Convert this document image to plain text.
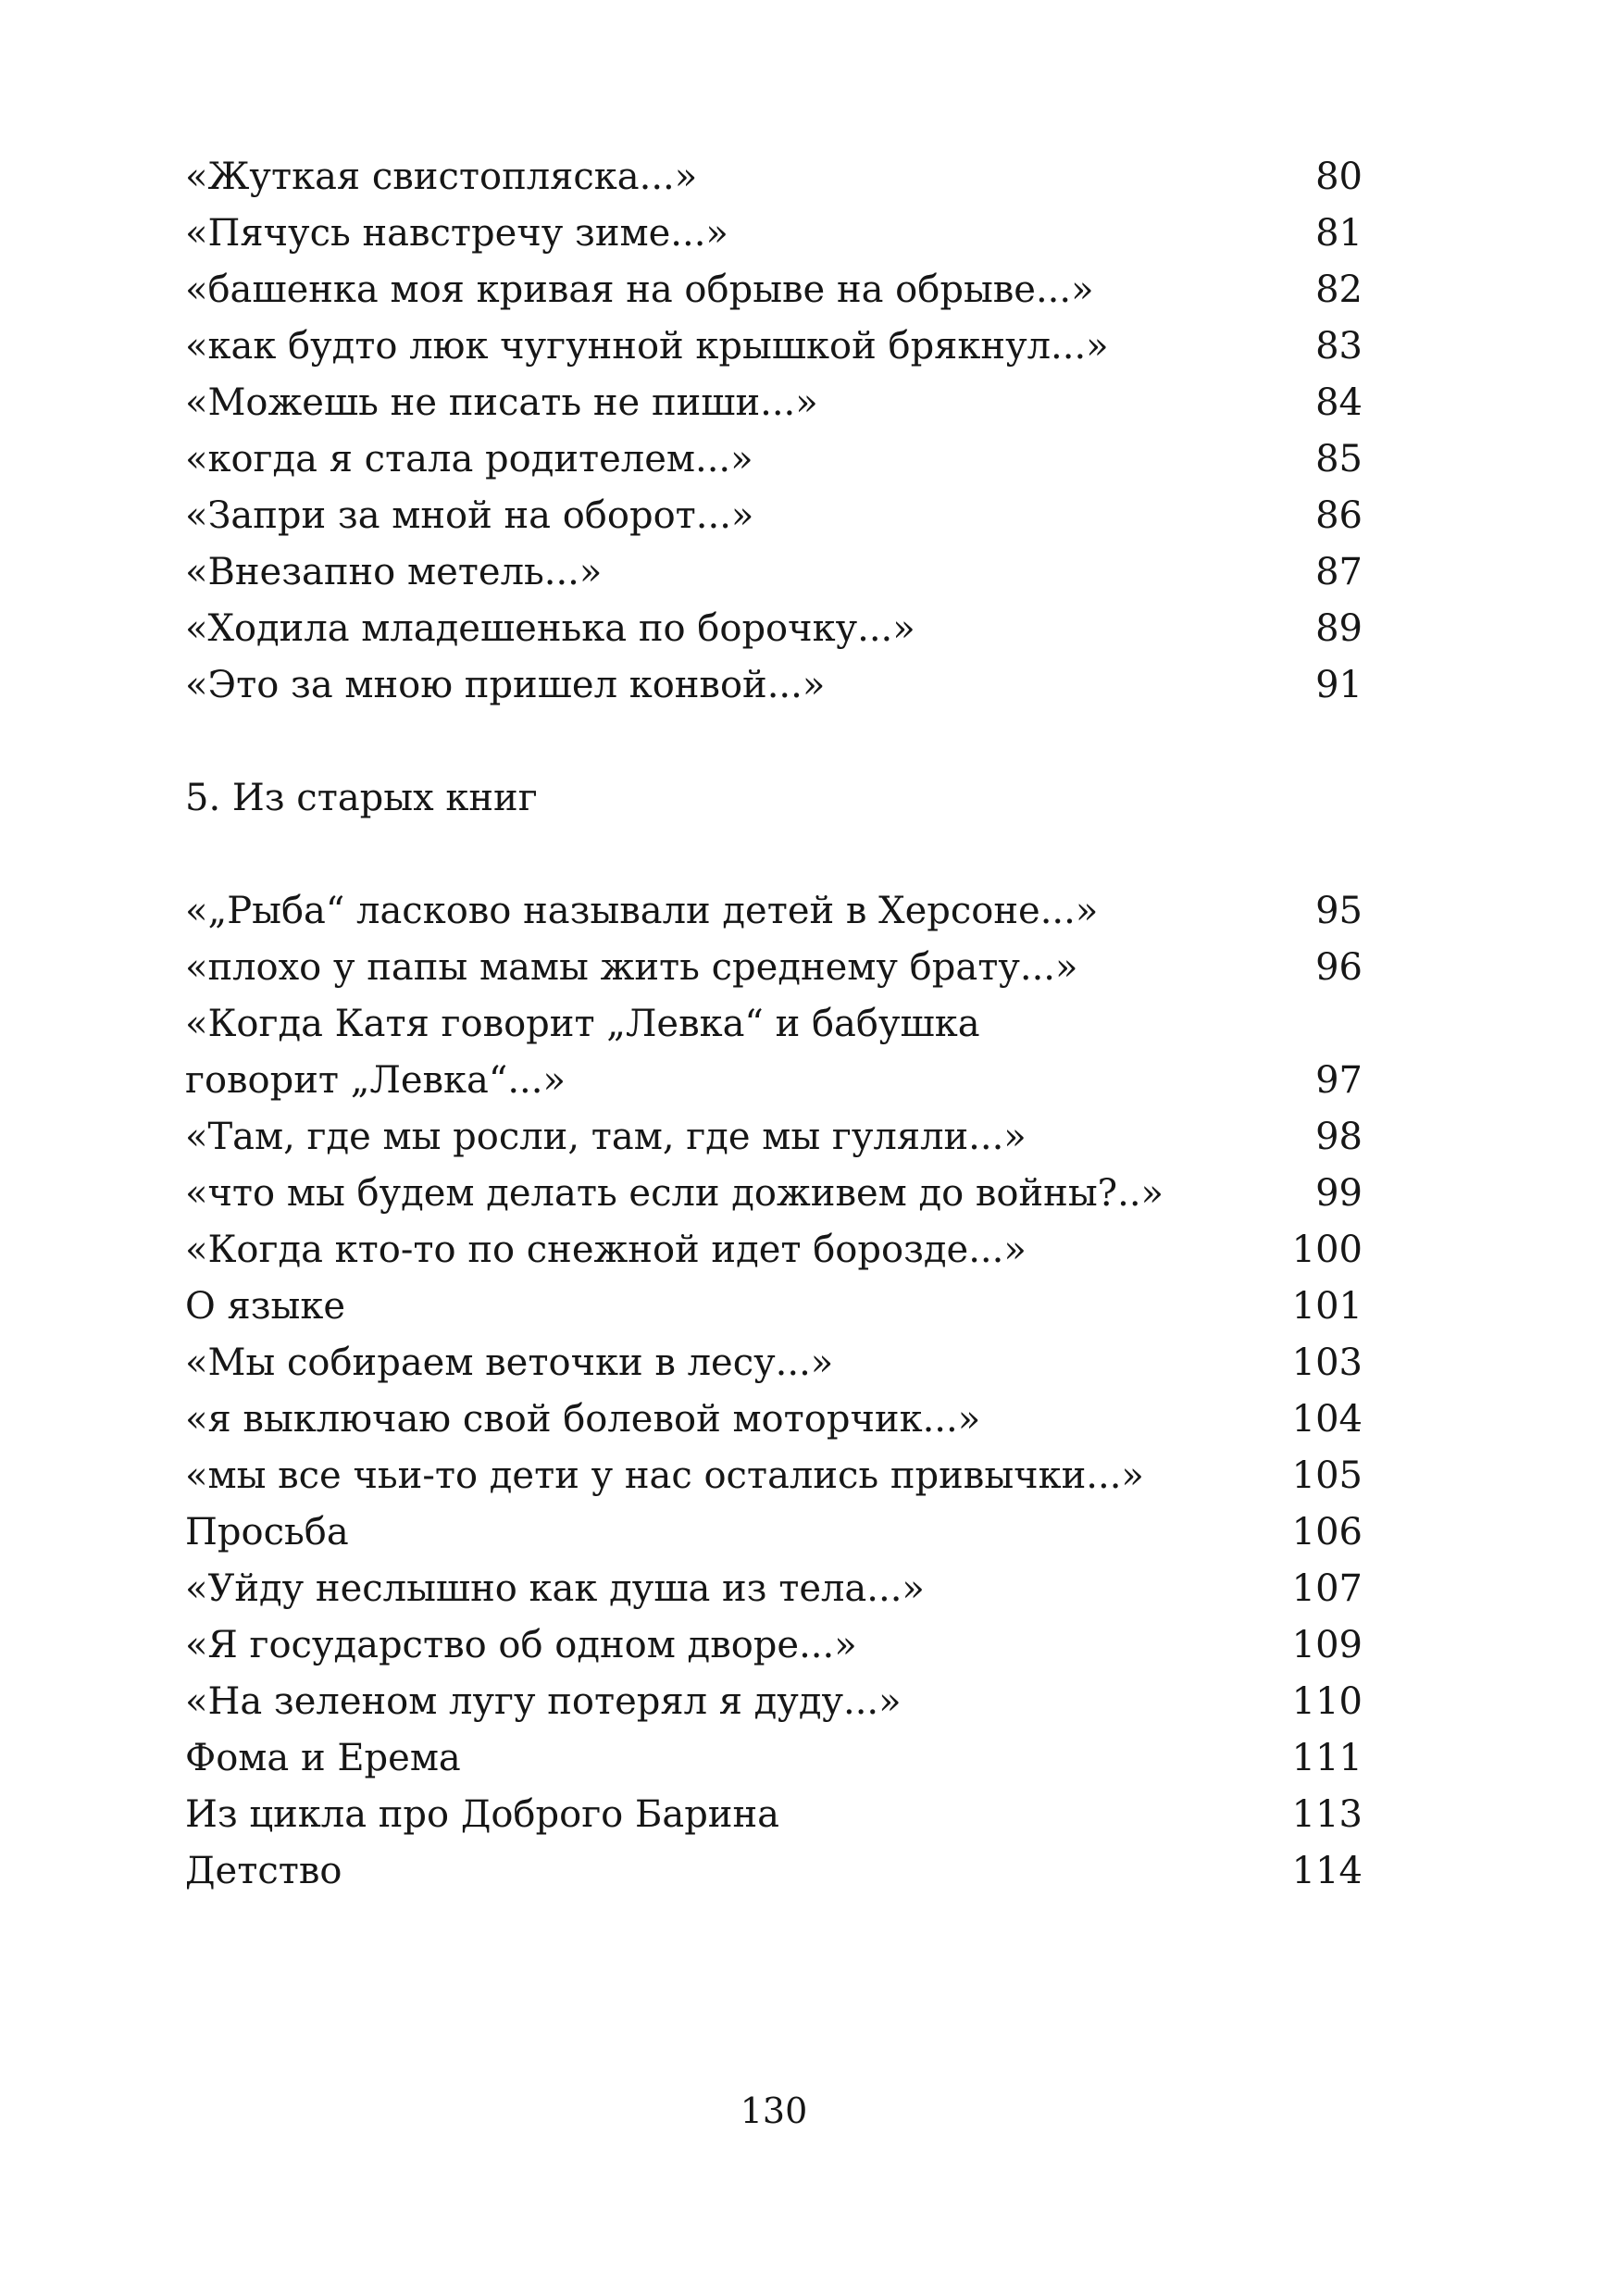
«Жуткая свистопляска...»	80
«Пячусь навстречу зиме...»	81
«башенка моя кривая на обрыве на обрыве...»	82
«как будто люк чугунной крышкой брякнул...»	83
«Можешь не писать не пиши...»	84
«когда я стала родителем...»	85
«Запри за мной на оборот...»	86
«Внезапно метель...»	87
«Ходила младешенька по борочку...»	89
«Это за мною пришел конвой...»	91
5. Из старых книг
«„Рыба“ ласково называли детей в Херсоне...»	95
«плохо у папы мамы жить среднему брату...»	96
«Когда Катя говорит „Левка“ и бабушка
говорит „Левка“...»	97
«Там, где мы росли, там, где мы гуляли...»	98
«что мы будем делать если доживем до войны?..»	99
«Когда кто-то по снежной идет борозде...»	100
О языке	101
«Мы собираем веточки в лесу...»	103
«я выключаю свой болевой моторчик...»	104
«мы все чьи-то дети у нас остались привычки...»	105
Просьба	106
«Уйду неслышно как душа из тела...»	107
«Я государство об одном дворе...»	109
«На зеленом лугу потерял я дуду...»	110
Фома и Ерема	111
Из цикла про Доброго Барина	113
Детство	114
130
